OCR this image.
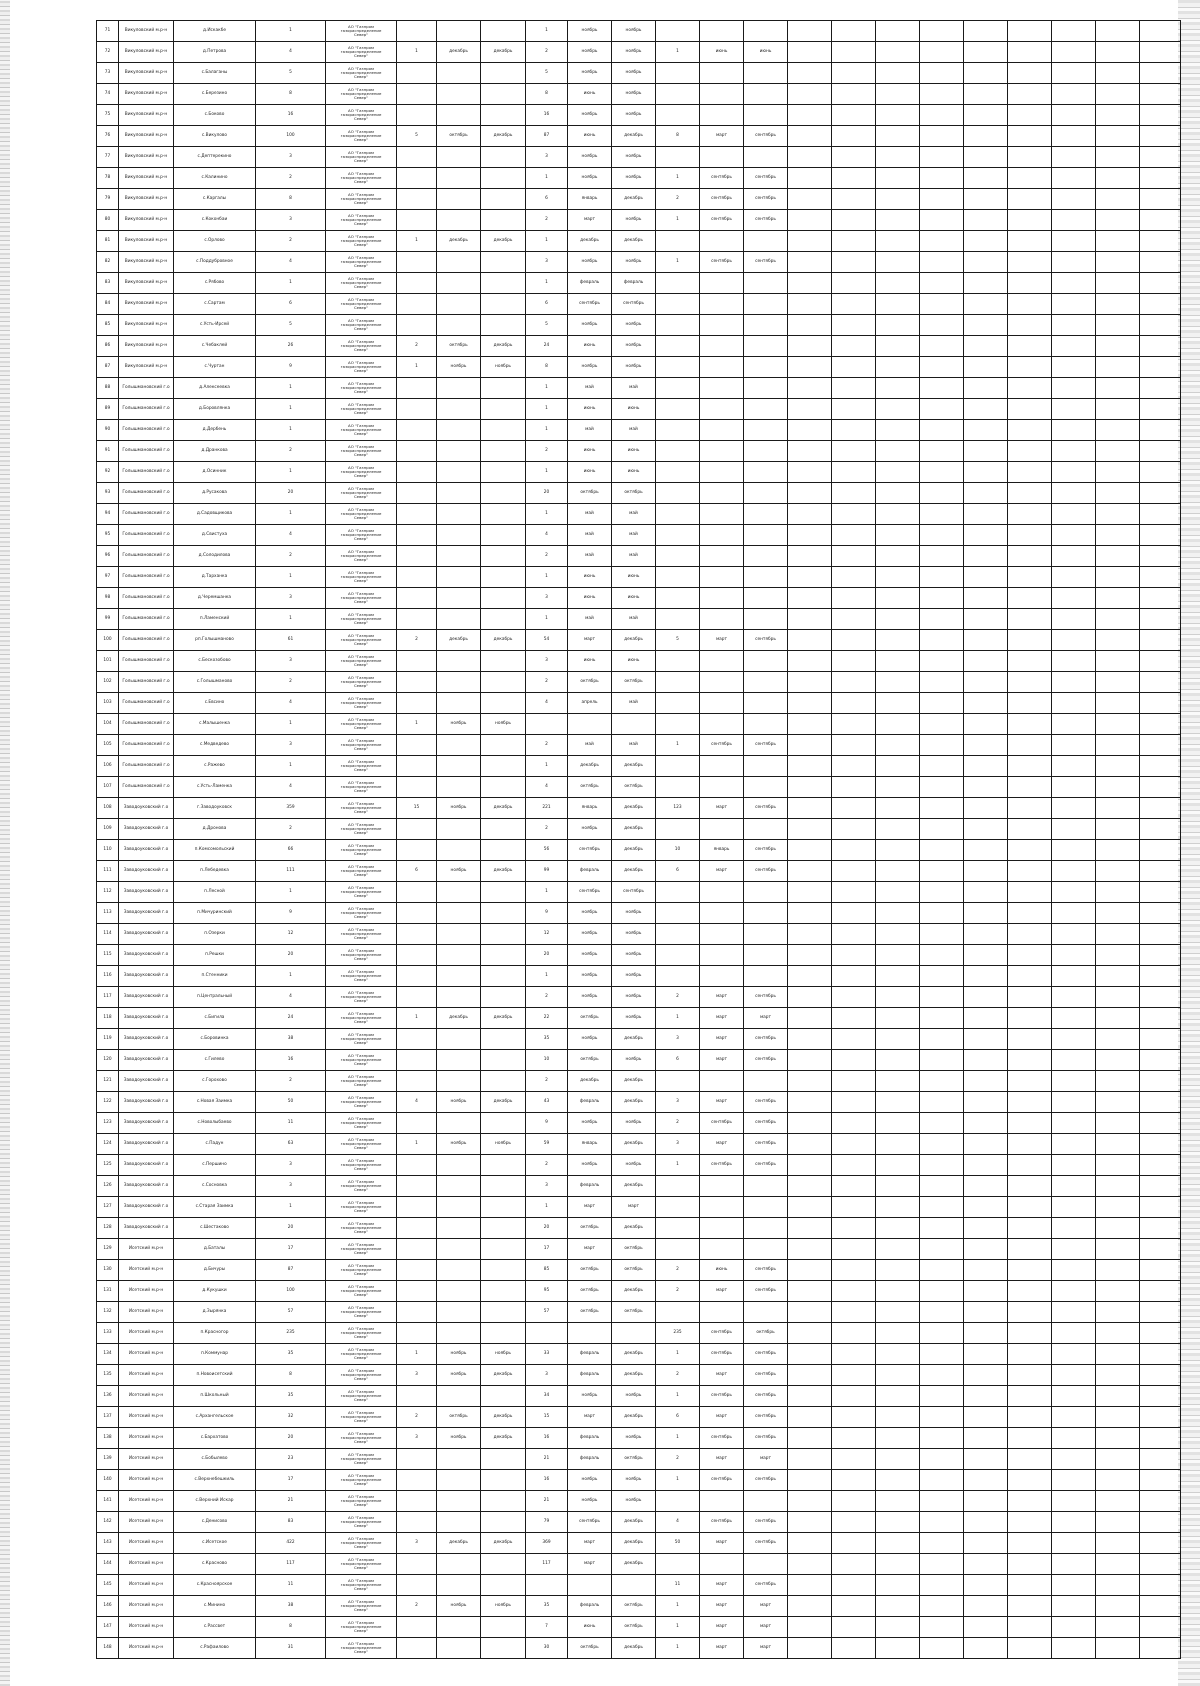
71	Викуловский м.р-н	д.Искакбе	1	АО "Газпром
газораспределение
Север"				1	ноябрь	ноябрь												
72	Викуловский м.р-н	д.Петрова	4	АО "Газпром
газораспределение
Север"	1	декабрь	декабрь	2	ноябрь	ноябрь	1	июнь	июнь									
73	Викуловский м.р-н	с.Балаганы	5	АО "Газпром
газораспределение
Север"				5	ноябрь	ноябрь												
74	Викуловский м.р-н	с.Березино	8	АО "Газпром
газораспределение
Север"				8	июнь	ноябрь												
75	Викуловский м.р-н	с.Боково	16	АО "Газпром
газораспределение
Север"				16	ноябрь	ноябрь												
76	Викуловский м.р-н	с.Викулово	100	АО "Газпром
газораспределение
Север"	5	октябрь	декабрь	87	июнь	декабрь	8	март	сентябрь									
77	Викуловский м.р-н	с.Дептерекино	3	АО "Газпром
газораспределение
Север"				3	ноябрь	ноябрь												
78	Викуловский м.р-н	с.Калинино	2	АО "Газпром
газораспределение
Север"				1	ноябрь	ноябрь	1	сентябрь	сентябрь									
79	Викуловский м.р-н	с.Каргалы	8	АО "Газпром
газораспределение
Север"				6	январь	декабрь	2	сентябрь	сентябрь									
80	Викуловский м.р-н	с.Коконбаи	3	АО "Газпром
газораспределение
Север"				2	март	ноябрь	1	сентябрь	сентябрь									
81	Викуловский м.р-н	с.Орлово	2	АО "Газпром
газораспределение
Север"	1	декабрь	декабрь	1	декабрь	декабрь												
82	Викуловский м.р-н	с.Поддубровное	4	АО "Газпром
газораспределение
Север"				3	ноябрь	ноябрь	1	сентябрь	сентябрь									
83	Викуловский м.р-н	с.Рябово	1	АО "Газпром
газораспределение
Север"				1	февраль	февраль												
84	Викуловский м.р-н	с.Сартам	6	АО "Газпром
газораспределение
Север"				6	сентябрь	сентябрь												
85	Викуловский м.р-н	с.Усть-Ирсей	5	АО "Газпром
газораспределение
Север"				5	ноябрь	ноябрь												
86	Викуловский м.р-н	с.Чебаклей	26	АО "Газпром
газораспределение
Север"	2	октябрь	декабрь	24	июнь	ноябрь												
87	Викуловский м.р-н	с.Чуртан	9	АО "Газпром
газораспределение
Север"	1	ноябрь	ноябрь	8	ноябрь	ноябрь												
88	Голышмановский г.о	д.Алексеевка	1	АО "Газпром
газораспределение
Север"				1	май	май												
89	Голышмановский г.о	д.Боровлянка	1	АО "Газпром
газораспределение
Север"				1	июнь	июнь												
90	Голышмановский г.о	д.Дербень	1	АО "Газпром
газораспределение
Север"				1	май	май												
91	Голышмановский г.о	д.Дранкова	2	АО "Газпром
газораспределение
Север"				2	июнь	июнь												
92	Голышмановский г.о	д.Осинник	1	АО "Газпром
газораспределение
Север"				1	июнь	июнь												
93	Голышмановский г.о	д.Русакова	20	АО "Газпром
газораспределение
Север"				20	октябрь	октябрь												
94	Голышмановский г.о	д.Садовщикова	1	АО "Газпром
газораспределение
Север"				1	май	май												
95	Голышмановский г.о	д.Свистуха	4	АО "Газпром
газораспределение
Север"				4	май	май												
96	Голышмановский г.о	д.Солодилова	2	АО "Газпром
газораспределение
Север"				2	май	май												
97	Голышмановский г.о	д.Тарханка	1	АО "Газпром
газораспределение
Север"				1	июнь	июнь												
98	Голышмановский г.о	д.Черемшанка	3	АО "Газпром
газораспределение
Север"				3	июнь	июнь												
99	Голышмановский г.о	п.Ламенский	1	АО "Газпром
газораспределение
Север"				1	май	май												
100	Голышмановский г.о	рп.Голышманово	61	АО "Газпром
газораспределение
Север"	2	декабрь	декабрь	54	март	декабрь	5	март	сентябрь									
101	Голышмановский г.о	с.Бескозобово	3	АО "Газпром
газораспределение
Север"				3	июнь	июнь												
102	Голышмановский г.о	с.Голышманово	2	АО "Газпром
газораспределение
Север"				2	октябрь	октябрь												
103	Голышмановский г.о	с.Евсино	4	АО "Газпром
газораспределение
Север"				4	апрель	май												
104	Голышмановский г.о	с.Малышенка	1	АО "Газпром
газораспределение
Север"	1	ноябрь	ноябрь															
105	Голышмановский г.о	с.Медведево	3	АО "Газпром
газораспределение
Север"				2	май	май	1	сентябрь	сентябрь									
106	Голышмановский г.о	с.Ражево	1	АО "Газпром
газораспределение
Север"				1	декабрь	декабрь												
107	Голышмановский г.о	с.Усть-Ламенка	4	АО "Газпром
газораспределение
Север"				4	октябрь	октябрь												
108	Заводоуковский г.о	г.Заводоуковск	359	АО "Газпром
газораспределение
Север"	15	ноябрь	декабрь	221	январь	декабрь	123	март	сентябрь									
109	Заводоуковский г.о	д.Дронова	2	АО "Газпром
газораспределение
Север"				2	ноябрь	декабрь												
110	Заводоуковский г.о	п.Комсомольский	66	АО "Газпром
газораспределение
Север"				56	сентябрь	декабрь	10	январь	сентябрь									
111	Заводоуковский г.о	п.Лебедевка	111	АО "Газпром
газораспределение
Север"	6	ноябрь	декабрь	99	февраль	декабрь	6	март	сентябрь									
112	Заводоуковский г.о	п.Лесной	1	АО "Газпром
газораспределение
Север"				1	сентябрь	сентябрь												
113	Заводоуковский г.о	п.Мичуринский	9	АО "Газпром
газораспределение
Север"				9	ноябрь	ноябрь												
114	Заводоуковский г.о	п.Озерки	12	АО "Газпром
газораспределение
Север"				12	ноябрь	ноябрь												
115	Заводоуковский г.о	п.Решки	20	АО "Газпром
газораспределение
Север"				20	ноябрь	ноябрь												
116	Заводоуковский г.о	п.Стенники	1	АО "Газпром
газораспределение
Север"				1	ноябрь	ноябрь												
117	Заводоуковский г.о	п.Центральный	4	АО "Газпром
газораспределение
Север"				2	ноябрь	ноябрь	2	март	сентябрь									
118	Заводоуковский г.о	с.Бигила	24	АО "Газпром
газораспределение
Север"	1	декабрь	декабрь	22	октябрь	ноябрь	1	март	март									
119	Заводоуковский г.о	с.Боровинка	38	АО "Газпром
газораспределение
Север"				35	ноябрь	декабрь	3	март	сентябрь									
120	Заводоуковский г.о	с.Гилево	16	АО "Газпром
газораспределение
Север"				10	октябрь	ноябрь	6	март	сентябрь									
121	Заводоуковский г.о	с.Горохово	2	АО "Газпром
газораспределение
Север"				2	декабрь	декабрь												
122	Заводоуковский г.о	с.Новая Заимка	50	АО "Газпром
газораспределение
Север"	4	ноябрь	декабрь	43	февраль	декабрь	3	март	сентябрь									
123	Заводоуковский г.о	с.Новолыбаево	11	АО "Газпром
газораспределение
Север"				9	ноябрь	ноябрь	2	сентябрь	сентябрь									
124	Заводоуковский г.о	с.Падун	63	АО "Газпром
газораспределение
Север"	1	ноябрь	ноябрь	59	январь	декабрь	3	март	сентябрь									
125	Заводоуковский г.о	с.Першино	3	АО "Газпром
газораспределение
Север"				2	ноябрь	ноябрь	1	сентябрь	сентябрь									
126	Заводоуковский г.о	с.Сосновка	3	АО "Газпром
газораспределение
Север"				3	февраль	декабрь												
127	Заводоуковский г.о	с.Старая Заимка	1	АО "Газпром
газораспределение
Север"				1	март	март												
128	Заводоуковский г.о	с.Шестаково	20	АО "Газпром
газораспределение
Север"				20	октябрь	декабрь												
129	Исетский м.р-н	д.Баталы	17	АО "Газпром
газораспределение
Север"				17	март	октябрь												
130	Исетский м.р-н	д.Бичуры	87	АО "Газпром
газораспределение
Север"				85	октябрь	октябрь	2	июнь	сентябрь									
131	Исетский м.р-н	д.Кукушки	100	АО "Газпром
газораспределение
Север"				95	октябрь	декабрь	2	март	сентябрь									
132	Исетский м.р-н	д.Зырянка	57	АО "Газпром
газораспределение
Север"				57	октябрь	октябрь												
133	Исетский м.р-н	п.Красногор	235	АО "Газпром
газораспределение
Север"							235	сентябрь	октябрь									
134	Исетский м.р-н	п.Коммунар	35	АО "Газпром
газораспределение
Север"	1	ноябрь	ноябрь	33	февраль	декабрь	1	сентябрь	сентябрь									
135	Исетский м.р-н	п.Новоисетский	8	АО "Газпром
газораспределение
Север"	3	ноябрь	декабрь	3	февраль	декабрь	2	март	сентябрь									
136	Исетский м.р-н	п.Школьный	35	АО "Газпром
газораспределение
Север"				34	ноябрь	ноябрь	1	сентябрь	сентябрь									
137	Исетский м.р-н	с.Архангельское	32	АО "Газпром
газораспределение
Север"	2	октябрь	декабрь	15	март	декабрь	6	март	сентябрь									
138	Исетский м.р-н	с.Бархатово	20	АО "Газпром
газораспределение
Север"	3	ноябрь	декабрь	16	февраль	ноябрь	1	сентябрь	сентябрь									
139	Исетский м.р-н	с.Бобылево	23	АО "Газпром
газораспределение
Север"				21	февраль	октябрь	2	март	март									
140	Исетский м.р-н	с.Верхнебешкиль	17	АО "Газпром
газораспределение
Север"				16	ноябрь	ноябрь	1	сентябрь	сентябрь									
141	Исетский м.р-н	с.Верхний Искар	21	АО "Газпром
газораспределение
Север"				21	ноябрь	ноябрь												
142	Исетский м.р-н	с.Денисово	83	АО "Газпром
газораспределение
Север"				79	сентябрь	декабрь	4	сентябрь	сентябрь									
143	Исетский м.р-н	с.Исетское	422	АО "Газпром
газораспределение
Север"	3	декабрь	декабрь	369	март	декабрь	50	март	сентябрь									
144	Исетский м.р-н	с.Красново	117	АО "Газпром
газораспределение
Север"				117	март	декабрь												
145	Исетский м.р-н	с.Красноярское	11	АО "Газпром
газораспределение
Север"							11	март	сентябрь									
146	Исетский м.р-н	с.Минино	38	АО "Газпром
газораспределение
Север"	2	ноябрь	ноябрь	35	февраль	октябрь	1	март	март									
147	Исетский м.р-н	с.Рассвет	8	АО "Газпром
газораспределение
Север"				7	июнь	октябрь	1	март	март									
148	Исетский м.р-н	с.Рафаилово	31	АО "Газпром
газораспределение
Север"				30	октябрь	декабрь	1	март	март									
